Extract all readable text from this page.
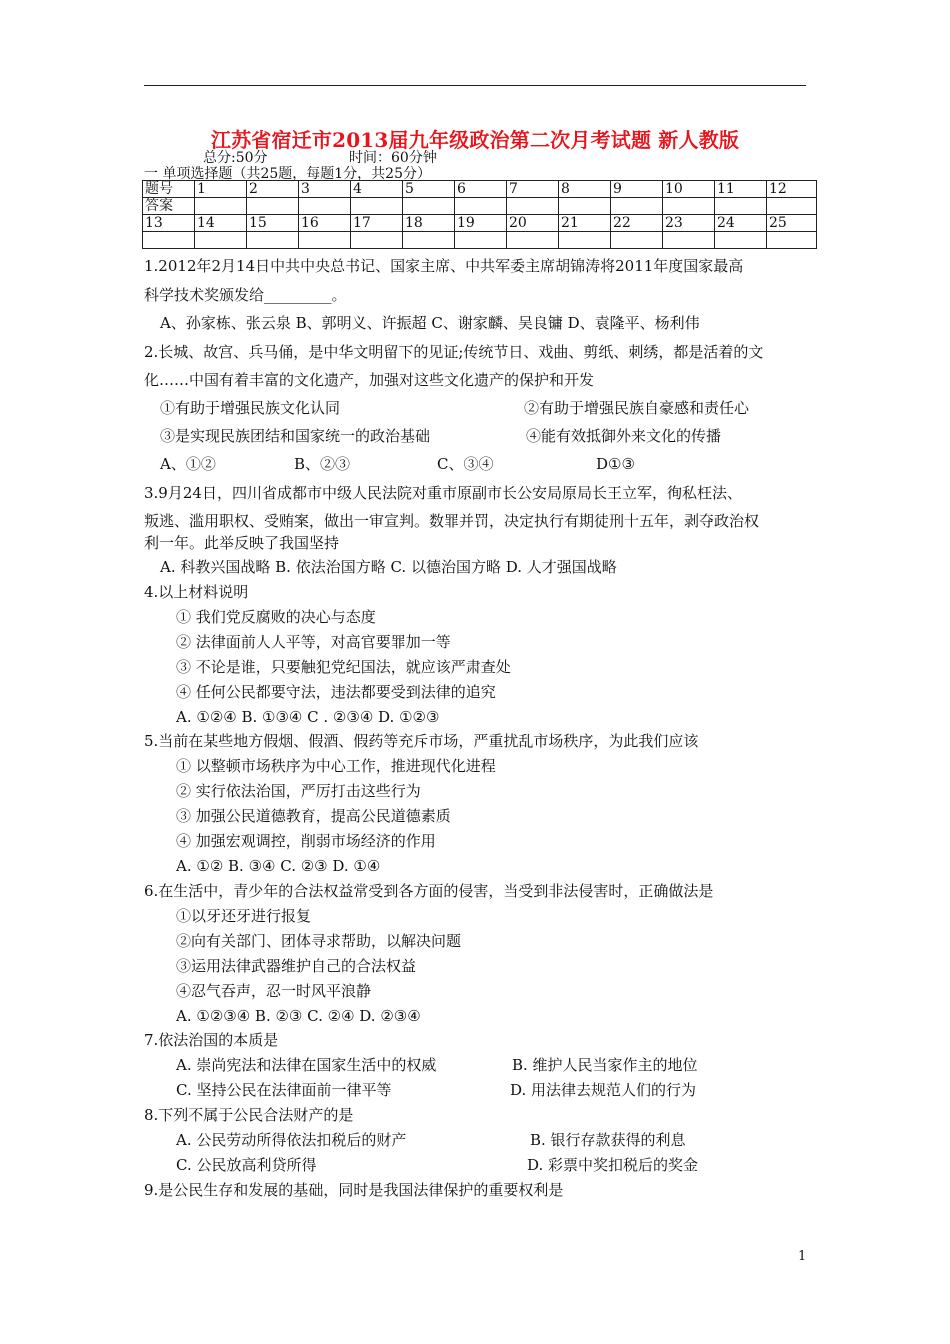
江苏省宿迁市2013届九年级政治第二次月考试题 新人教版
总分:50分	时间：60分钟
一 单项选择题（共25题，每题1分，共25分）
题号	1	2	3	4	5	6	7	8	9	10	11	12
答案												
13	14	15	16	17	18	19	20	21	22	23	24	25

1.2012年2月14日中共中央总书记、国家主席、中共军委主席胡锦涛将2011年度国家最高
科学技术奖颁发给_________。
A、孙家栋、张云泉 B、郭明义、许振超 C、谢家麟、吴良镛 D、袁隆平、杨利伟
2.长城、故宫、兵马俑，是中华文明留下的见证;传统节日、戏曲、剪纸、刺绣，都是活着的文
化……中国有着丰富的文化遗产，加强对这些文化遗产的保护和开发
①有助于增强民族文化认同	②有助于增强民族自豪感和责任心
③是实现民族团结和国家统一的政治基础	④能有效抵御外来文化的传播
A、①②	B、②③	C、③④	D①③
3.9月24日，四川省成都市中级人民法院对重市原副市长公安局原局长王立军，徇私枉法、
叛逃、滥用职权、受贿案，做出一审宣判。数罪并罚，决定执行有期徒刑十五年，剥夺政治权
利一年。此举反映了我国坚持
A. 科教兴国战略 B. 依法治国方略 C. 以德治国方略 D. 人才强国战略
4.以上材料说明
① 我们党反腐败的决心与态度
② 法律面前人人平等，对高官要罪加一等
③ 不论是谁，只要触犯党纪国法，就应该严肃查处
④ 任何公民都要守法，违法都要受到法律的追究
A. ①②④ B. ①③④ C . ②③④ D. ①②③
5.当前在某些地方假烟、假酒、假药等充斥市场，严重扰乱市场秩序，为此我们应该
① 以整顿市场秩序为中心工作，推进现代化进程
② 实行依法治国，严厉打击这些行为
③ 加强公民道德教育，提高公民道德素质
④ 加强宏观调控，削弱市场经济的作用
A. ①② B. ③④ C. ②③ D. ①④
6.在生活中，青少年的合法权益常受到各方面的侵害，当受到非法侵害时，正确做法是
①以牙还牙进行报复
②向有关部门、团体寻求帮助，以解决问题
③运用法律武器维护自己的合法权益
④忍气吞声，忍一时风平浪静
A. ①②③④ B. ②③ C. ②④ D. ②③④
7.依法治国的本质是
A. 崇尚宪法和法律在国家生活中的权威	B. 维护人民当家作主的地位
C. 坚持公民在法律面前一律平等	D. 用法律去规范人们的行为
8.下列不属于公民合法财产的是
A. 公民劳动所得依法扣税后的财产	B. 银行存款获得的利息
C. 公民放高利贷所得	D. 彩票中奖扣税后的奖金
9.是公民生存和发展的基础，同时是我国法律保护的重要权利是
1
